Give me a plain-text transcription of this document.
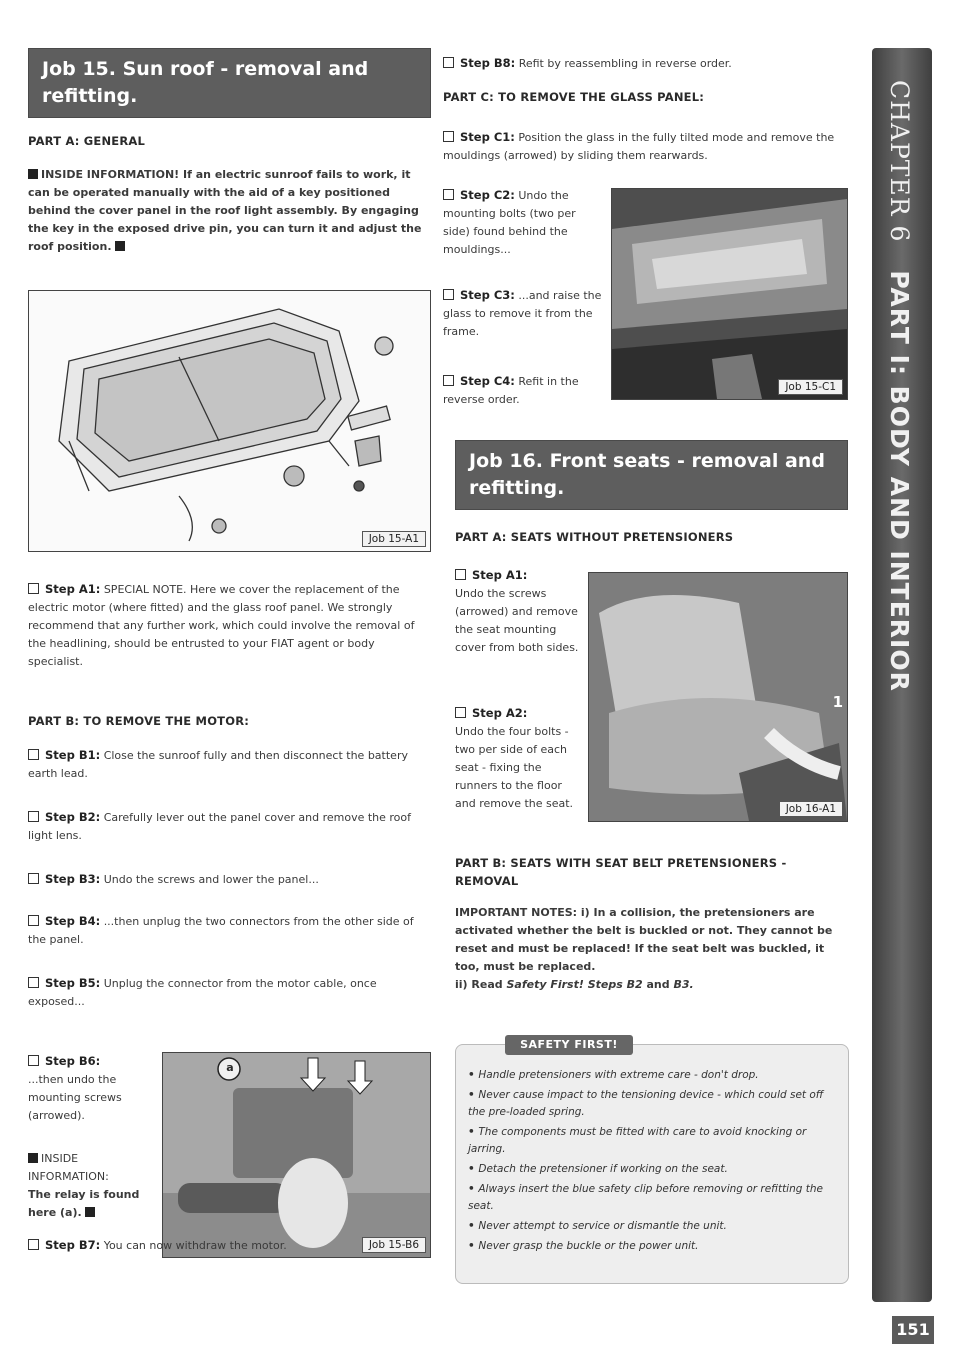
Job 15. Sun roof - removal and
refitting.
PART A: GENERAL
INSIDE INFORMATION! If an electric sunroof fails to work, it can be operated manually with the aid of a key positioned behind the cover panel in the roof light assembly. By engaging the key in the exposed drive pin, you can turn it and adjust the roof position.
Job 15-A1
Step A1: SPECIAL NOTE. Here we cover the replacement of the electric motor (where fitted) and the glass roof panel. We strongly recommend that any further work, which could involve the removal of the headlining, should be entrusted to your FIAT agent or body specialist.
PART B: TO REMOVE THE MOTOR:
Step B1: Close the sunroof fully and then disconnect the battery earth lead.
Step B2: Carefully lever out the panel cover and remove the roof light lens.
Step B3: Undo the screws and lower the panel...
Step B4: ...then unplug the two connectors from the other side of the panel.
Step B5: Unplug the connector from the motor cable, once exposed...
Step B6:
...then undo the mounting screws (arrowed).
INSIDE INFORMATION:
The relay is found here (a).
a
Job 15-B6
Step B7: You can now withdraw the motor.
Step B8: Refit by reassembling in reverse order.
PART C: TO REMOVE THE GLASS PANEL:
Step C1: Position the glass in the fully tilted mode and remove the mouldings (arrowed) by sliding them rearwards.
Step C2: Undo the mounting bolts (two per side) found behind the mouldings...
Step C3: ...and raise the glass to remove it from the frame.
Step C4: Refit in the reverse order.
Job 15-C1
Job 16. Front seats - removal and
refitting.
PART A: SEATS WITHOUT PRETENSIONERS
Step A1:
Undo the screws (arrowed) and remove the seat mounting cover from both sides.
Step A2:
Undo the four bolts - two per side of each seat - fixing the runners to the floor and remove the seat.
1
Job 16-A1
PART B: SEATS WITH SEAT BELT PRETENSIONERS - REMOVAL
IMPORTANT NOTES: i) In a collision, the pretensioners are activated whether the belt is buckled or not. They cannot be reset and must be replaced! If the seat belt was buckled, it too, must be replaced.
ii) Read Safety First! Steps B2 and B3.
SAFETY FIRST!
• Handle pretensioners with extreme care - don't drop.
• Never cause impact to the tensioning device - which could set off the pre-loaded spring.
• The components must be fitted with care to avoid knocking or jarring.
• Detach the pretensioner if working on the seat.
• Always insert the blue safety clip before removing or refitting the seat.
• Never attempt to service or dismantle the unit.
• Never grasp the buckle or the power unit.
CHAPTER 6PART I: BODY AND INTERIOR
151
